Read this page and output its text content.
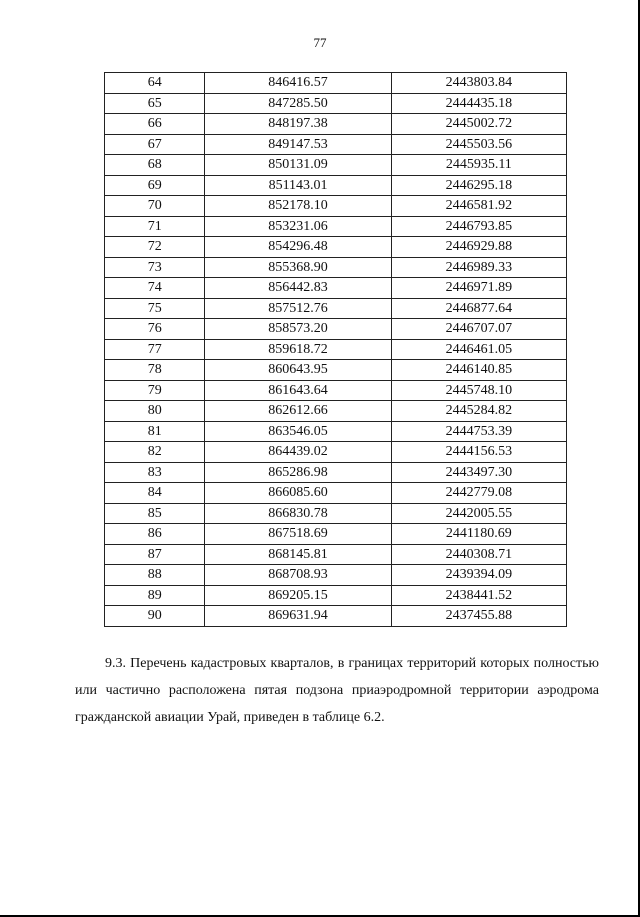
77
64	846416.57	2443803.84
65	847285.50	2444435.18
66	848197.38	2445002.72
67	849147.53	2445503.56
68	850131.09	2445935.11
69	851143.01	2446295.18
70	852178.10	2446581.92
71	853231.06	2446793.85
72	854296.48	2446929.88
73	855368.90	2446989.33
74	856442.83	2446971.89
75	857512.76	2446877.64
76	858573.20	2446707.07
77	859618.72	2446461.05
78	860643.95	2446140.85
79	861643.64	2445748.10
80	862612.66	2445284.82
81	863546.05	2444753.39
82	864439.02	2444156.53
83	865286.98	2443497.30
84	866085.60	2442779.08
85	866830.78	2442005.55
86	867518.69	2441180.69
87	868145.81	2440308.71
88	868708.93	2439394.09
89	869205.15	2438441.52
90	869631.94	2437455.88
9.3. Перечень кадастровых кварталов, в границах территорий которых полностью или частично расположена пятая подзона приаэродромной территории аэродрома гражданской авиации Урай, приведен в таблице 6.2.
